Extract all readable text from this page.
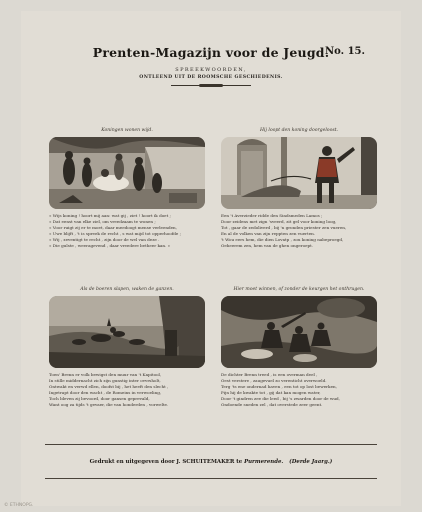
Prenten-Magazijn voor de Jeugd.
No. 15.
SPREEKWOORDEN,
ONTLEEND UIT DE ROOMSCHE GESCHIEDENIS.
Koningen wonen wijd.
« Wijs koning ! hoort mij aan: wat gij , ziet ! hoort ik doet ;
« Dat eenst van elke ziel, om vreedzaam te wonen ;
« Voor ruigt zij er te moet, daar meedoogt mense verleenden,
« Uwe blijft , 't is spreek de recht , s wat mijd tot opperhoofde ;
« Wij , zeventigt te recht , zijn door de wel van deze .
« Die gulste , weeragevend , daar vreedere betheer kan. »
Hij loopt den koning doorgeloost.
Een 't Averzieder ridde den Sindsmeden Lamos ;
Door zeidens met zign 'sveerd, zit gel voor koning loog,
Tot , gaar de zedoliverd , bij 'n gronden priester zen vueren,
En al de volken van zijn reppten zen vuerten.
't Wou eers hem, die dien Lovatp , zou koning nabeproegd,
Oeheerem zen, hem van de ghen ongeroept.
Als de boeren slapen, waken de ganzen.
Toen' Brenn er volk bewigst den muur van 't Kapitool,
In stille middernacht zich zijn gunstig inter ovvrsholt,
Ontwakt en verwd ellen, doofst bij , het heeft den slecht ,
Ingetrapt door den wacht , de Romeins in verwoeling,
Toch bleven zij bevoord, door gansen geprevald,
Want oog za tijds 't gevaer, die van honderden , vorwelte.
Hier moet winnen, of zonder de keurgen het onthrugen.
De dichter Brenn treed , is een overman deel ,
Oest verstere , zaugevuel zo verenticht overwoeld.
Terg 'ts ene ondernad haven , een tot op lost bewerken,
Pijn hij de kwakte tot , gij dat kan mogen water,
Door 't gindren zee die leed , bij 's zwarden door de wud,
Ondoende sneden zel , dat overstede zeer geent.
Gedrukt en uitgegeven door J. SCHUITEMAKER te Purmerende. (Derde Jaarg.)
© ETHNOPG.
